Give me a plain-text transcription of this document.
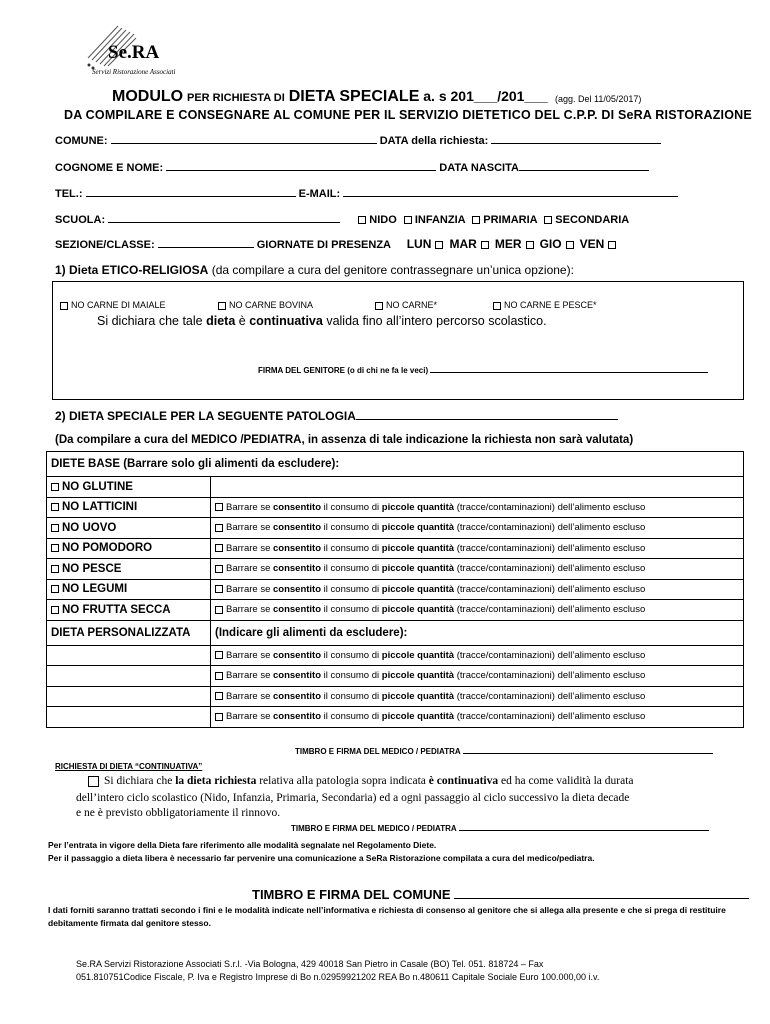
Se.RA
Servizi Ristorazione Associati
MODULO PER RICHIESTA DI DIETA SPECIALE a. s 201___/201___ (agg. Del 11/05/2017)
DA COMPILARE E CONSEGNARE AL COMUNE PER IL SERVIZIO DIETETICO DEL C.P.P. DI SeRA RISTORAZIONE
COMUNE:	DATA della richiesta:
COGNOME E NOME:	DATA NASCITA
TEL.:	E-MAIL:
SCUOLA:	NIDO INFANZIA PRIMARIA SECONDARIA
SEZIONE/CLASSE:	GIORNATE DI PRESENZA LUN MAR MER GIO VEN
1) Dieta ETICO-RELIGIOSA (da compilare a cura del genitore contrassegnare un’unica opzione):
NO CARNE DI MAIALE	NO CARNE BOVINA	NO CARNE*	NO CARNE E PESCE*
Si dichiara che tale dieta è continuativa valida fino all’intero percorso scolastico.
FIRMA DEL GENITORE (o di chi ne fa le veci)
2) DIETA SPECIALE PER LA SEGUENTE PATOLOGIA
(Da compilare a cura del MEDICO /PEDIATRA, in assenza di tale indicazione la richiesta non sarà valutata)
DIETE BASE (Barrare solo gli alimenti da escludere):	
NO GLUTINE	
NO LATTICINI	Barrare se consentito il consumo di piccole quantità (tracce/contaminazioni) dell’alimento escluso
NO UOVO	Barrare se consentito il consumo di piccole quantità (tracce/contaminazioni) dell’alimento escluso
NO POMODORO	Barrare se consentito il consumo di piccole quantità (tracce/contaminazioni) dell’alimento escluso
NO PESCE	Barrare se consentito il consumo di piccole quantità (tracce/contaminazioni) dell’alimento escluso
NO LEGUMI	Barrare se consentito il consumo di piccole quantità (tracce/contaminazioni) dell’alimento escluso
NO FRUTTA SECCA	Barrare se consentito il consumo di piccole quantità (tracce/contaminazioni) dell’alimento escluso
DIETA PERSONALIZZATA	(Indicare gli alimenti da escludere):
	Barrare se consentito il consumo di piccole quantità (tracce/contaminazioni) dell’alimento escluso
	Barrare se consentito il consumo di piccole quantità (tracce/contaminazioni) dell’alimento escluso
	Barrare se consentito il consumo di piccole quantità (tracce/contaminazioni) dell’alimento escluso
	Barrare se consentito il consumo di piccole quantità (tracce/contaminazioni) dell’alimento escluso
TIMBRO E FIRMA DEL MEDICO / PEDIATRA
RICHIESTA DI DIETA “CONTINUATIVA”
Si dichiara che la dieta richiesta relativa alla patologia sopra indicata è continuativa ed ha come validità la durata
dell’intero ciclo scolastico (Nido, Infanzia, Primaria, Secondaria) ed a ogni passaggio al ciclo successivo la dieta decade
e ne è previsto obbligatoriamente il rinnovo.
TIMBRO E FIRMA DEL MEDICO / PEDIATRA
Per l’entrata in vigore della Dieta fare riferimento alle modalità segnalate nel Regolamento Diete.
Per il passaggio a dieta libera è necessario far pervenire una comunicazione a SeRa Ristorazione compilata a cura del medico/pediatra.
TIMBRO E FIRMA DEL COMUNE
I dati forniti saranno trattati secondo i fini e le modalità indicate nell’informativa e richiesta di consenso al genitore che si allega alla presente e che si prega di restituire debitamente firmata dal genitore stesso.
Se.RA Servizi Ristorazione Associati S.r.l. -Via Bologna, 429 40018 San Pietro in Casale (BO) Tel. 051. 818724 – Fax
051.810751Codice Fiscale, P. Iva e Registro Imprese di Bo n.02959921202 REA Bo n.480611 Capitale Sociale Euro 100.000,00 i.v.
